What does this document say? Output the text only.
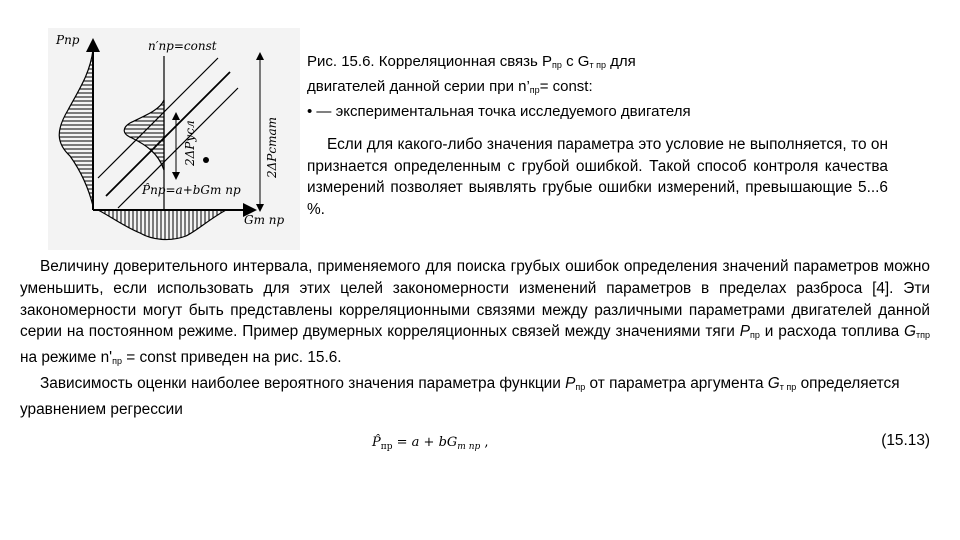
Pпр	n′пр=const
Gт пр
P̂пр=a+bGт пр
2ΔPуcл	2ΔPстат

Рис. 15.6. Корреляционная связь $P_{пр}$ с $G_{т пр}$ для

двигателей данной серии при $n’_{пр}=$ const:

• — экспериментальная точка исследуемого двигателя

Если для какого-либо значения параметра это условие не выполняется, то он признается определенным с грубой ошибкой. Такой способ контроля качества измерений позволяет выявлять грубые ошибки измерений, превышающие 5...6 %.

Величину доверительного интервала, применяемого для поиска грубых ошибок определения значений параметров можно уменьшить, если использовать для этих целей закономерности изменений параметров в пределах разброса [4]. Эти закономерности могут быть представлены корреляционными связями между различными параметрами двигателей данной серии на постоянном режиме. Пример двумерных корреляционных связей между значениями тяги $P_{пр}$ и расхода топлива $G_{тпр}$ на режиме $n'_{пр}$ = const приведен на рис. 15.6.

Зависимость оценки наиболее вероятного значения параметра функции $P_{пр}$ от параметра аргумента $G_{т пр}$ определяется уравнением регрессии

$P̂_{пр} = a + bG_{т пр}$ ,	(15.13)
